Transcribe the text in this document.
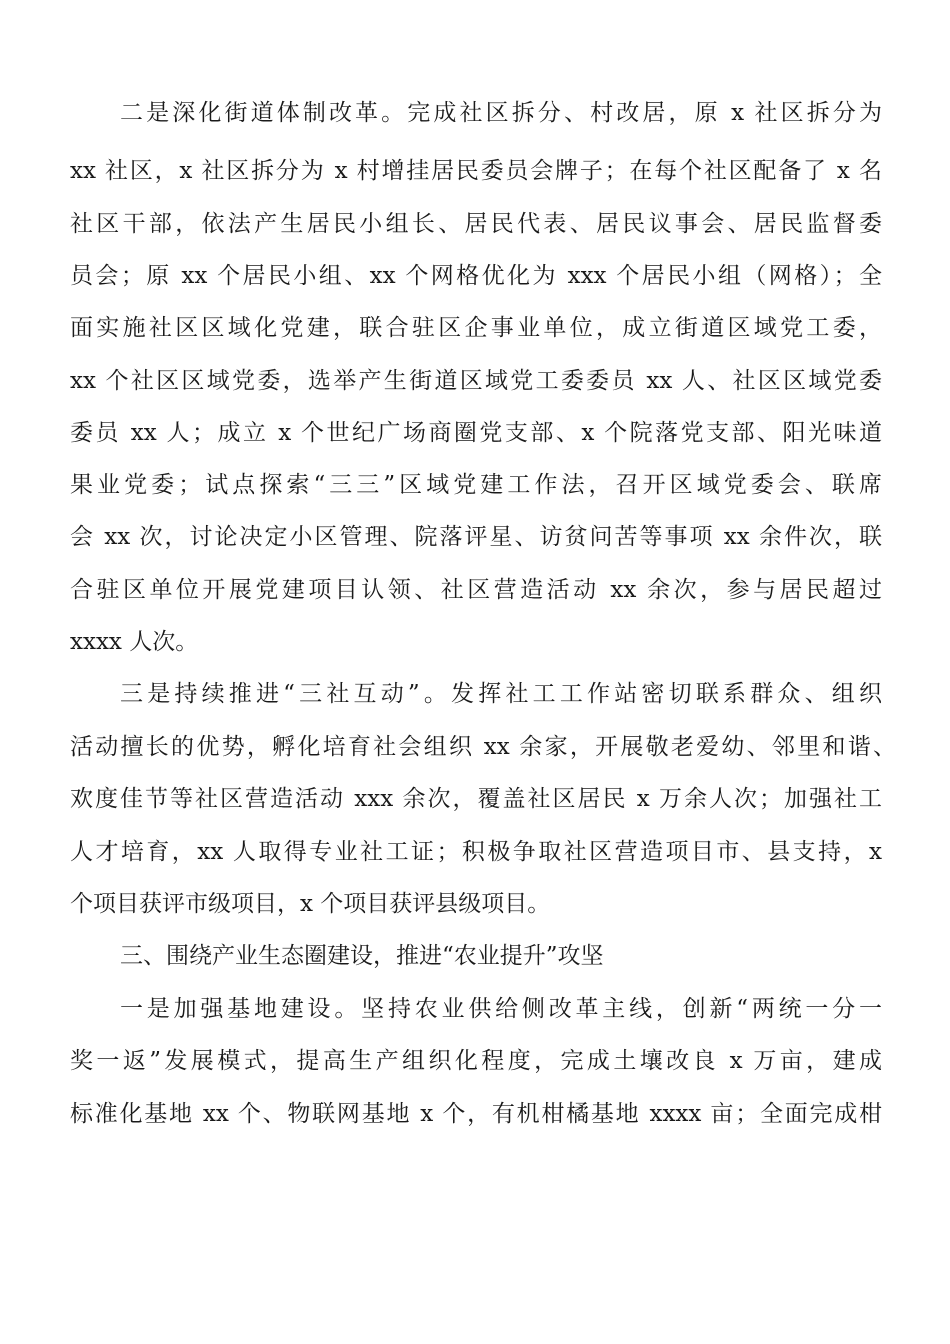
二是深化街道体制改革。完成社区拆分、村改居，原 x 社区拆分为
xx 社区，x 社区拆分为 x 村增挂居民委员会牌子；在每个社区配备了 x 名
社区干部，依法产生居民小组长、居民代表、居民议事会、居民监督委
员会；原 xx 个居民小组、xx 个网格优化为 xxx 个居民小组（网格）；全
面实施社区区域化党建，联合驻区企事业单位，成立街道区域党工委，
xx 个社区区域党委，选举产生街道区域党工委委员 xx 人、社区区域党委
委员 xx 人；成立 x 个世纪广场商圈党支部、x 个院落党支部、阳光味道
果业党委；试点探索“三三”区域党建工作法，召开区域党委会、联席
会 xx 次，讨论决定小区管理、院落评星、访贫问苦等事项 xx 余件次，联
合驻区单位开展党建项目认领、社区营造活动 xx 余次，参与居民超过
xxxx 人次。
三是持续推进“三社互动”。发挥社工工作站密切联系群众、组织
活动擅长的优势，孵化培育社会组织 xx 余家，开展敬老爱幼、邻里和谐、
欢度佳节等社区营造活动 xxx 余次，覆盖社区居民 x 万余人次；加强社工
人才培育，xx 人取得专业社工证；积极争取社区营造项目市、县支持，x
个项目获评市级项目，x 个项目获评县级项目。
三、围绕产业生态圈建设，推进“农业提升”攻坚
一是加强基地建设。坚持农业供给侧改革主线，创新“两统一分一
奖一返”发展模式，提高生产组织化程度，完成土壤改良 x 万亩，建成
标准化基地 xx 个、物联网基地 x 个，有机柑橘基地 xxxx 亩；全面完成柑
